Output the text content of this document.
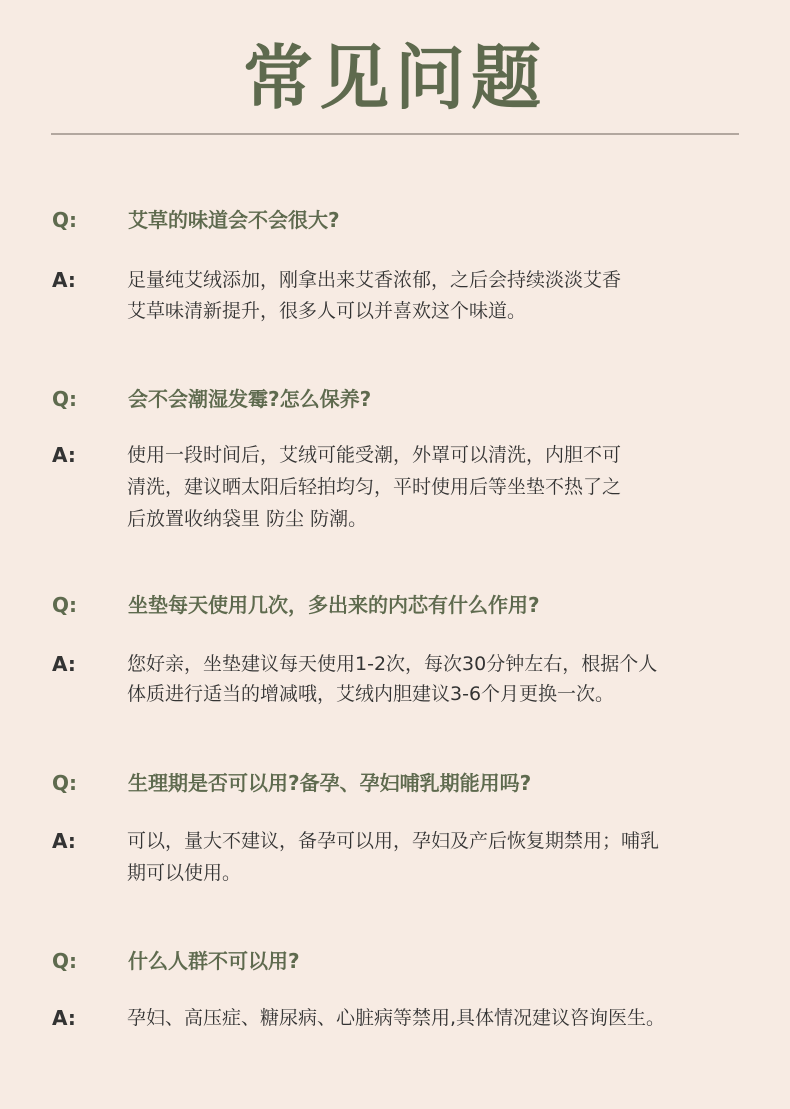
常见问题
Q:	艾草的味道会不会很大?
A:	足量纯艾绒添加，刚拿出来艾香浓郁，之后会持续淡淡艾香
艾草味清新提升，很多人可以并喜欢这个味道。
Q:	会不会潮湿发霉?怎么保养?
A:	使用一段时间后，艾绒可能受潮，外罩可以清洗，内胆不可
清洗，建议晒太阳后轻拍均匀，平时使用后等坐垫不热了之
后放置收纳袋里 防尘 防潮。
Q:	坐垫每天使用几次，多出来的内芯有什么作用?
A:	您好亲，坐垫建议每天使用1-2次，每次30分钟左右，根据个人
体质进行适当的增减哦，艾绒内胆建议3-6个月更换一次。
Q:	生理期是否可以用?备孕、孕妇哺乳期能用吗?
A:	可以，量大不建议，备孕可以用，孕妇及产后恢复期禁用；哺乳
期可以使用。
Q:	什么人群不可以用?
A:	孕妇、高压症、糖尿病、心脏病等禁用,具体情况建议咨询医生。
